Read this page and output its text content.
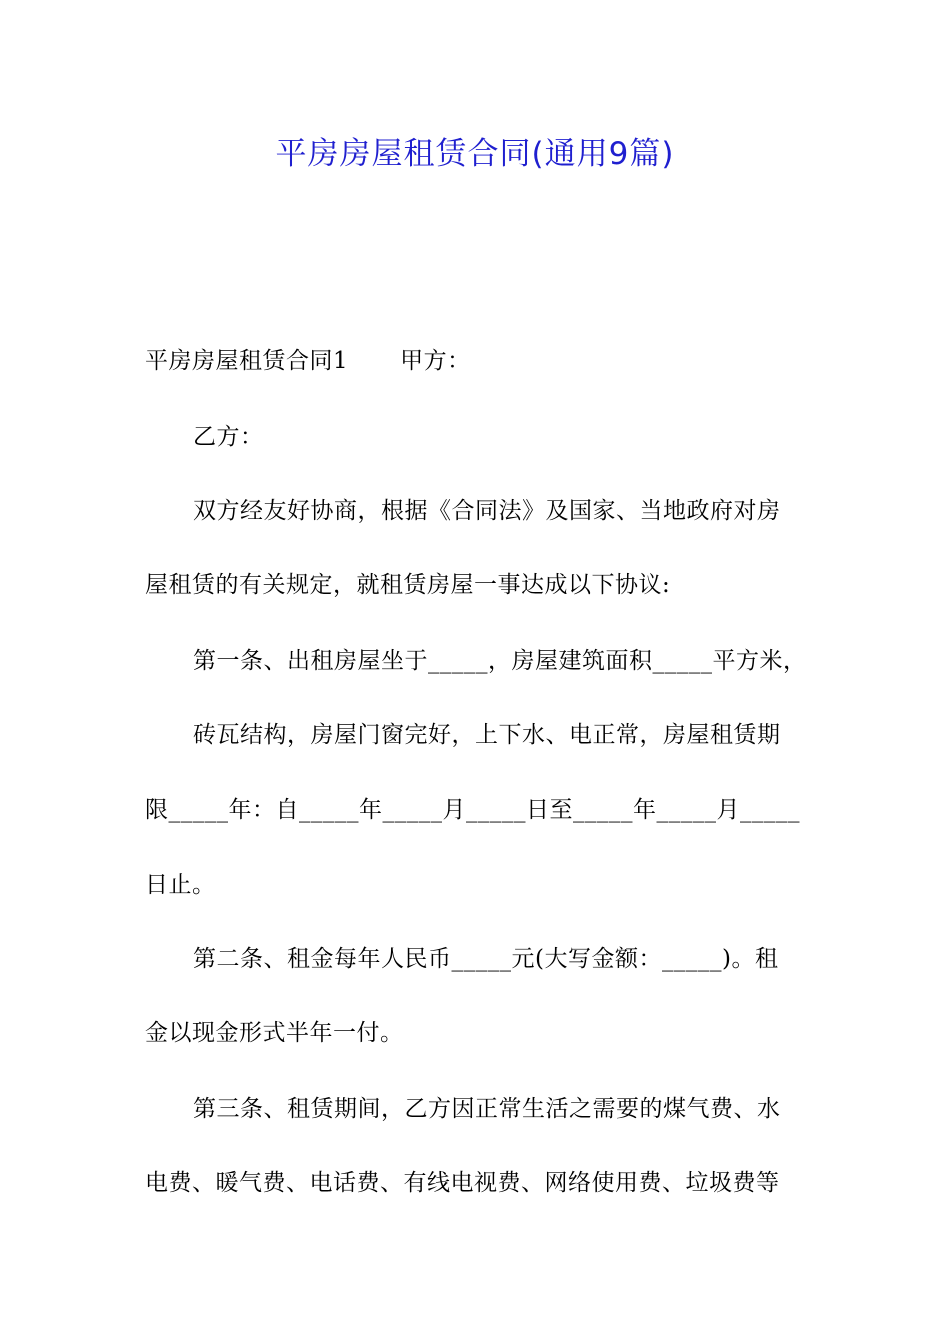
平房房屋租赁合同(通用9篇)
平房房屋租赁合同1 甲方：
乙方：
双方经友好协商，根据《合同法》及国家、当地政府对房
屋租赁的有关规定，就租赁房屋一事达成以下协议:
第一条、出租房屋坐于_____，房屋建筑面积_____平方米，
砖瓦结构，房屋门窗完好，上下水、电正常，房屋租赁期
限_____年：自_____年_____月_____日至_____年_____月_____
日止。
第二条、租金每年人民币_____元(大写金额：_____)。租
金以现金形式半年一付。
第三条、租赁期间，乙方因正常生活之需要的煤气费、水
电费、暖气费、电话费、有线电视费、网络使用费、垃圾费等
